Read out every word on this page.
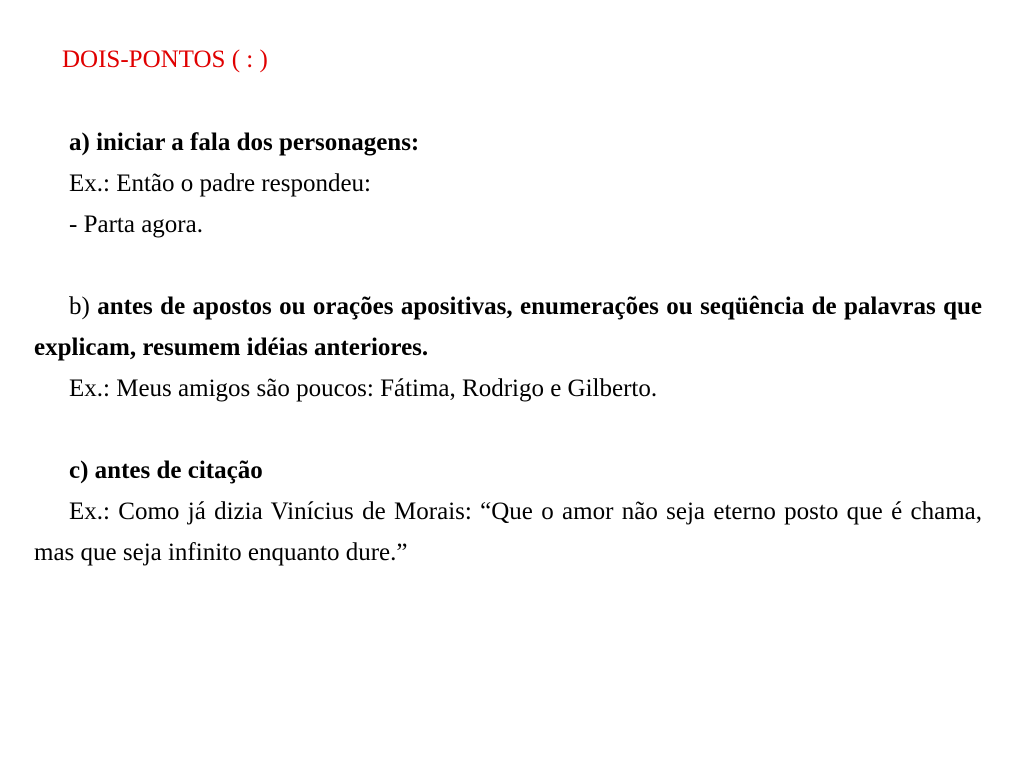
DOIS-PONTOS ( : )

a) iniciar a fala dos personagens:

Ex.: Então o padre respondeu:

- Parta agora.

b) antes de apostos ou orações apositivas, enumerações ou seqüência de palavras que explicam, resumem idéias anteriores.

Ex.: Meus amigos são poucos: Fátima, Rodrigo e Gilberto.

c) antes de citação

Ex.: Como já dizia Vinícius de Morais: “Que o amor não seja eterno posto que é chama, mas que seja infinito enquanto dure.”
